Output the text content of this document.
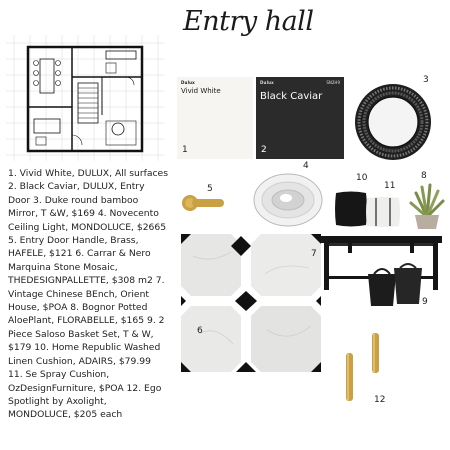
Entry hall
Dulux
Vivid White
1
Dulux	SN2H9
Black Caviar
2
3
4
5
6
7
8
10
11
9
12
1. Vivid White, DULUX, All surfaces 2. Black Caviar, DULUX, Entry Door 3. Duke round bamboo Mirror, T &W, $169 4. Novecento Ceiling Light, MONDOLUCE, $2665 5. Entry Door Handle, Brass, HAFELE, $121 6. Carrar & Nero Marquina Stone Mosaic, THEDESIGNPALLETTE, $308 m2 7. Vintage Chinese BEnch, Orient House, $POA 8. Bognor Potted AloePlant, FLORABELLE, $165 9. 2 Piece Saloso Basket Set, T & W, $179 10. Home Republic Washed Linen Cushion, ADAIRS, $79.99 11. Se Spray Cushion, OzDesignFurniture, $POA 12. Ego Spotlight by Axolight, MONDOLUCE, $205 each
